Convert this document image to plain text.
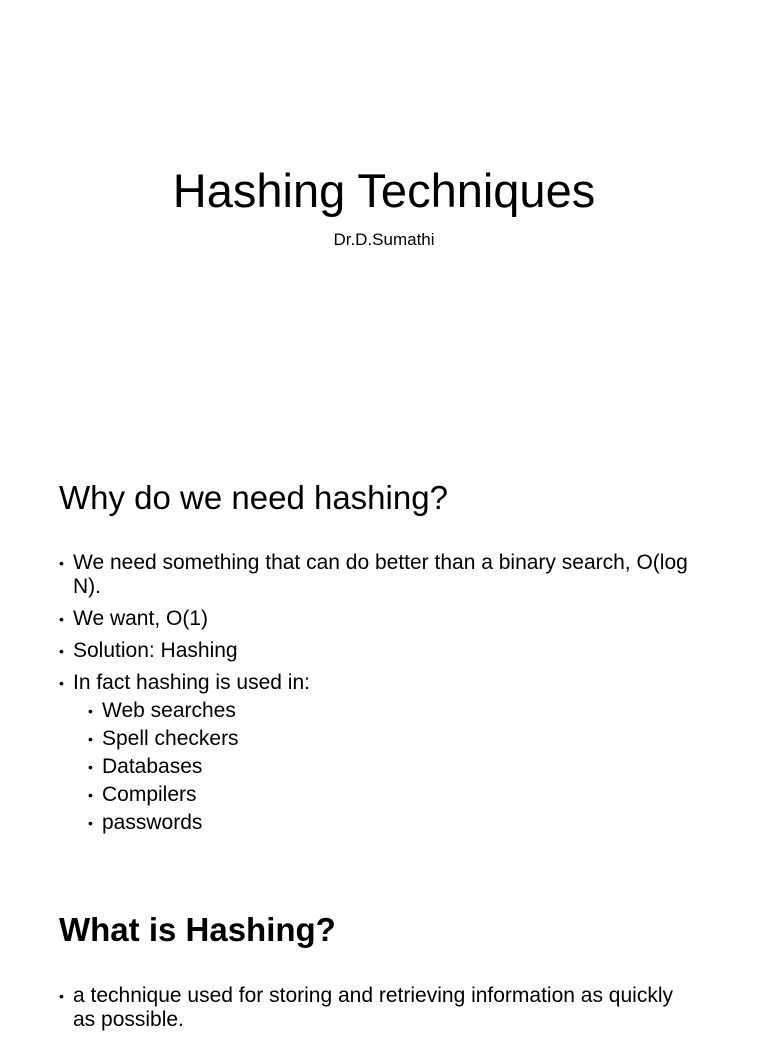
Hashing Techniques
Dr.D.Sumathi
Why do we need hashing?
• We need something that can do better than a binary search, O(log N).
• We want, O(1)
• Solution: Hashing
• In fact hashing is used in:
• Web searches
• Spell checkers
• Databases
• Compilers
• passwords
What is Hashing?
• a technique used for storing and retrieving information as quickly as possible.
